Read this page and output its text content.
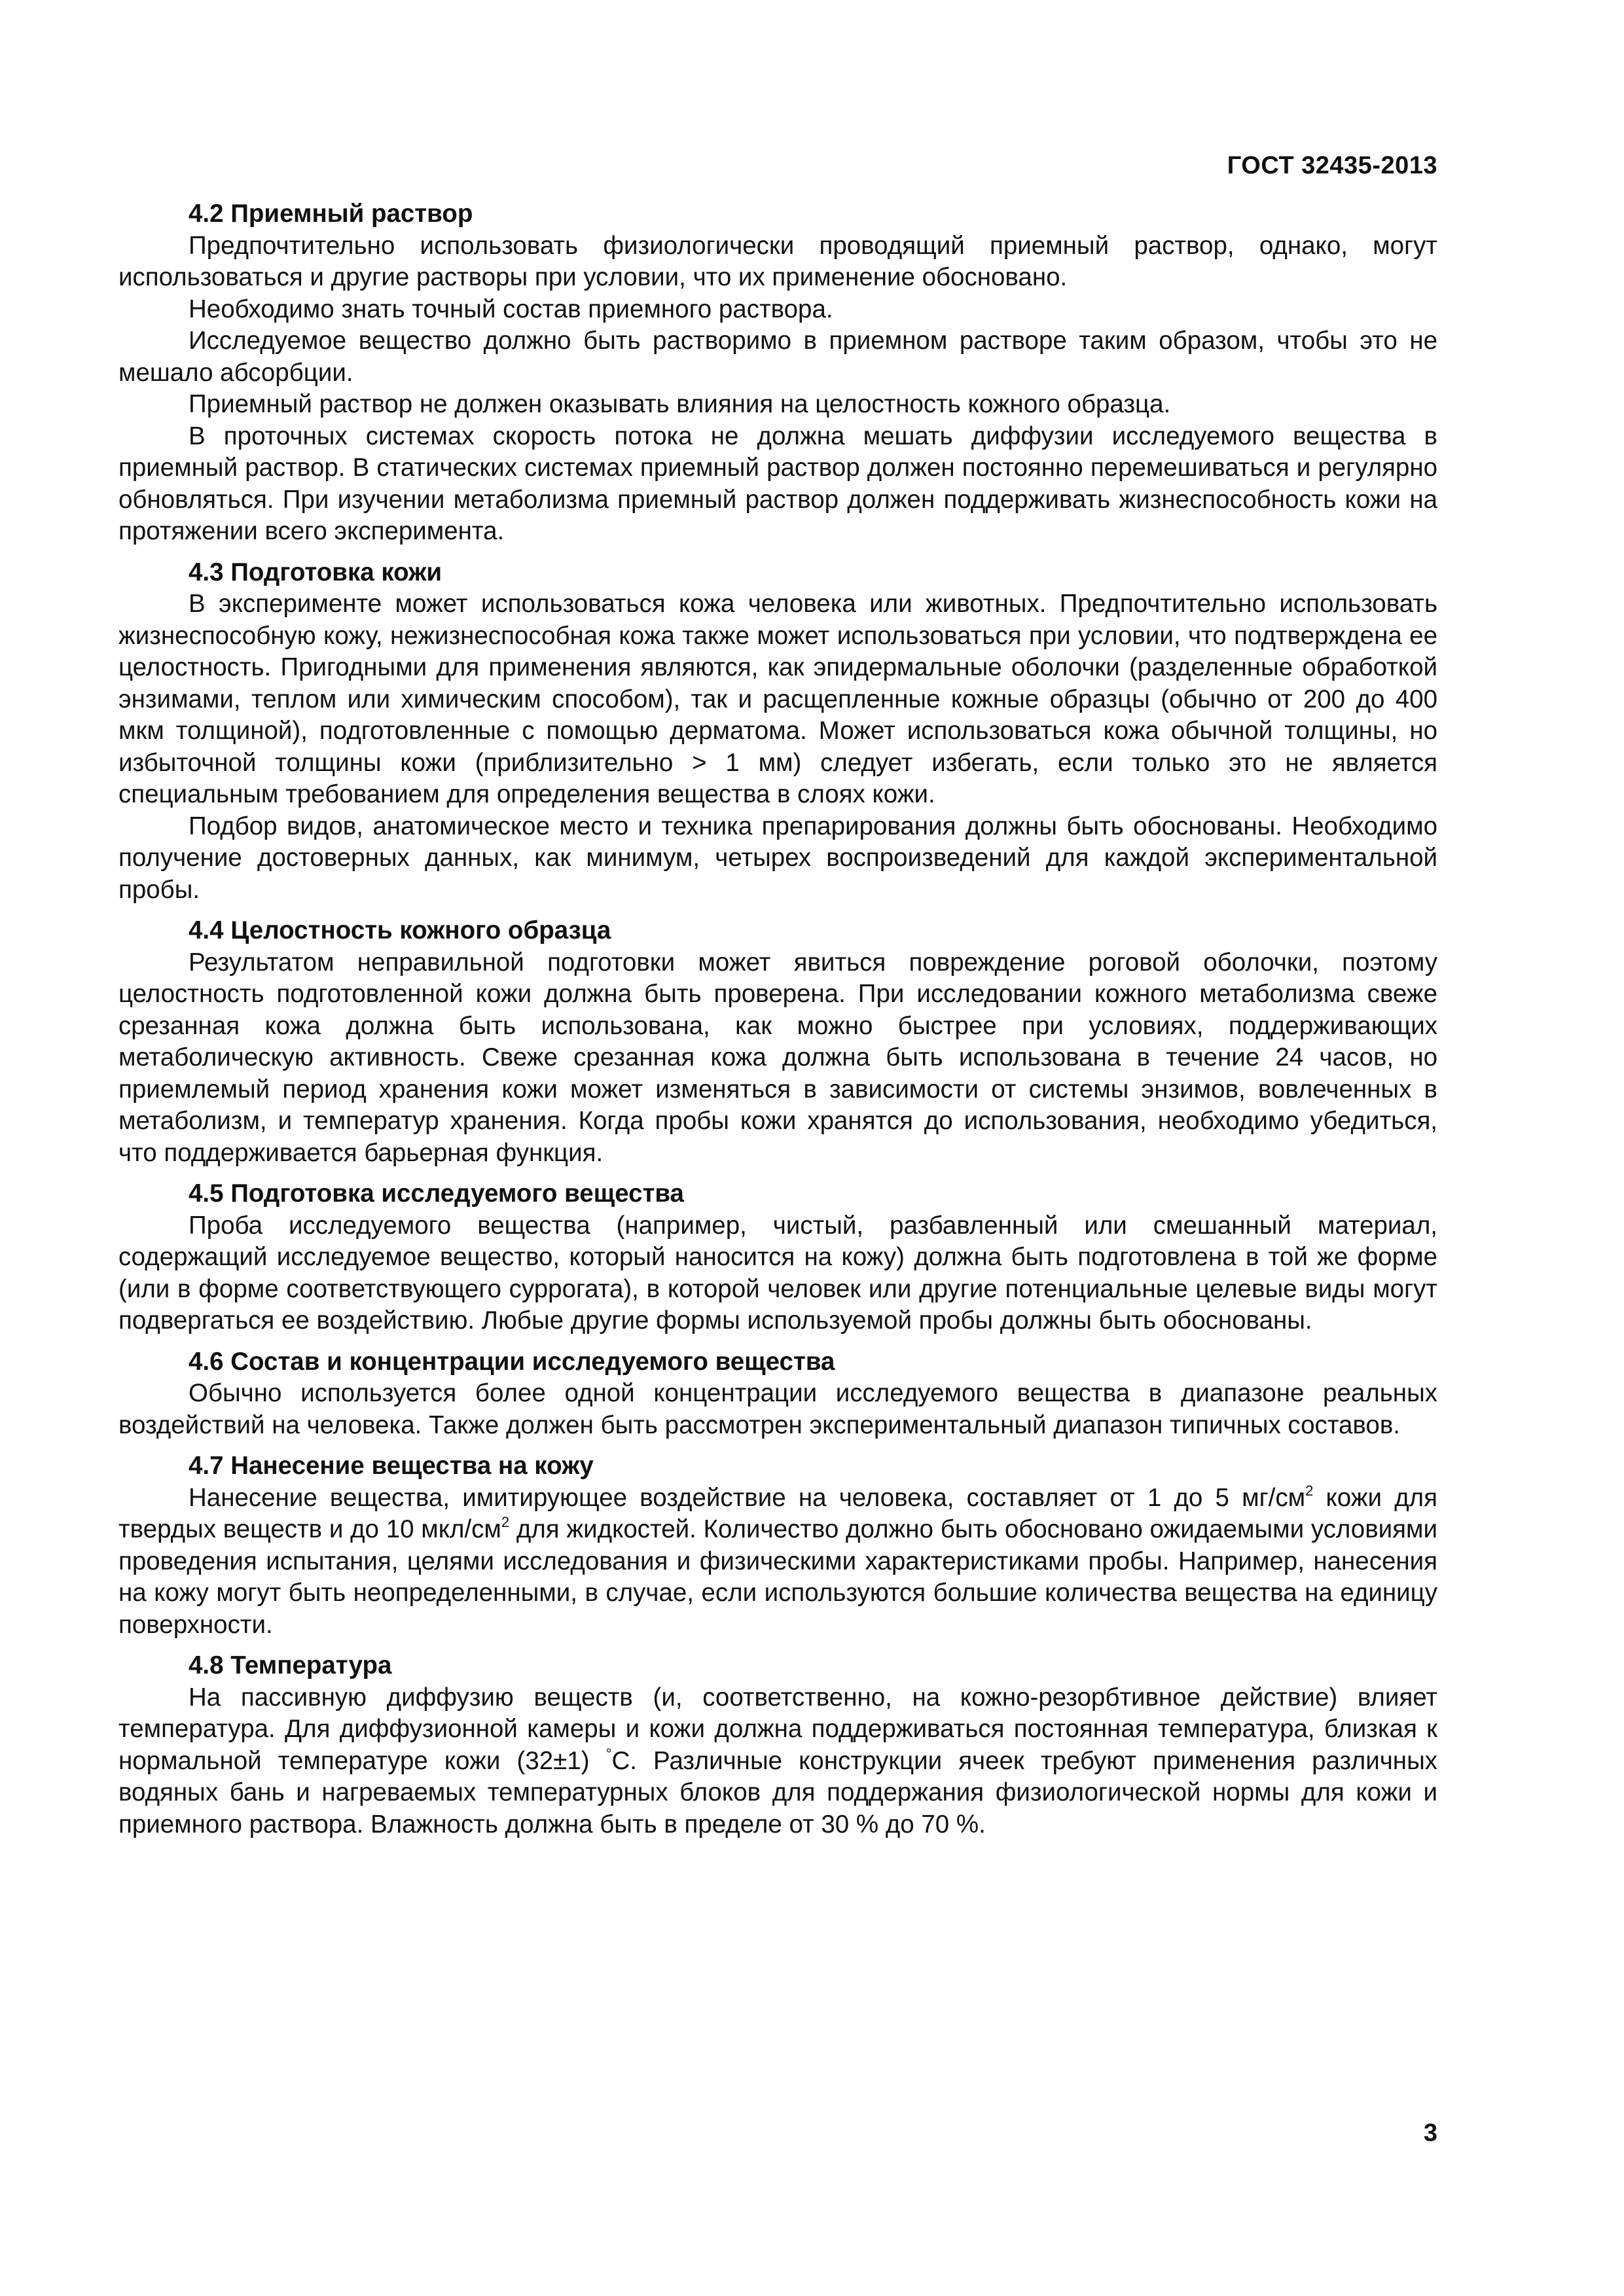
ГОСТ 32435-2013

4.2 Приемный раствор

Предпочтительно использовать физиологически проводящий приемный раствор, однако, могут использоваться и другие растворы при условии, что их применение обосновано.

Необходимо знать точный состав приемного раствора.

Исследуемое вещество должно быть растворимо в приемном растворе таким образом, чтобы это не мешало абсорбции.

Приемный раствор не должен оказывать влияния на целостность кожного образца.

В проточных системах скорость потока не должна мешать диффузии исследуемого вещества в приемный раствор. В статических системах приемный раствор должен постоянно перемешиваться и регулярно обновляться. При изучении метаболизма приемный раствор должен поддерживать жизнеспособность кожи на протяжении всего эксперимента.

4.3 Подготовка кожи

В эксперименте может использоваться кожа человека или животных. Предпочтительно использовать жизнеспособную кожу, нежизнеспособная кожа также может использоваться при условии, что подтверждена ее целостность. Пригодными для применения являются, как эпидермальные оболочки (разделенные обработкой энзимами, теплом или химическим способом), так и расщепленные кожные образцы (обычно от 200 до 400 мкм толщиной), подготовленные с помощью дерматома. Может использоваться кожа обычной толщины, но избыточной толщины кожи (приблизительно > 1 мм) следует избегать, если только это не является специальным требованием для определения вещества в слоях кожи.

Подбор видов, анатомическое место и техника препарирования должны быть обоснованы. Необходимо получение достоверных данных, как минимум, четырех воспроизведений для каждой экспериментальной пробы.

4.4 Целостность кожного образца

Результатом неправильной подготовки может явиться повреждение роговой оболочки, поэтому целостность подготовленной кожи должна быть проверена. При исследовании кожного метаболизма свеже срезанная кожа должна быть использована, как можно быстрее при условиях, поддерживающих метаболическую активность. Свеже срезанная кожа должна быть использована в течение 24 часов, но приемлемый период хранения кожи может изменяться в зависимости от системы энзимов, вовлеченных в метаболизм, и температур хранения. Когда пробы кожи хранятся до использования, необходимо убедиться, что поддерживается барьерная функция.

4.5 Подготовка исследуемого вещества

Проба исследуемого вещества (например, чистый, разбавленный или смешанный материал, содержащий исследуемое вещество, который наносится на кожу) должна быть подготовлена в той же форме (или в форме соответствующего суррогата), в которой человек или другие потенциальные целевые виды могут подвергаться ее воздействию. Любые другие формы используемой пробы должны быть обоснованы.

4.6 Состав и концентрации исследуемого вещества

Обычно используется более одной концентрации исследуемого вещества в диапазоне реальных воздействий на человека. Также должен быть рассмотрен экспериментальный диапазон типичных составов.

4.7 Нанесение вещества на кожу

Нанесение вещества, имитирующее воздействие на человека, составляет от 1 до 5 $мг/см^2$ кожи для твердых веществ и до 10 мкл/$см^2$ для жидкостей. Количество должно быть обосновано ожидаемыми условиями проведения испытания, целями исследования и физическими характеристиками пробы. Например, нанесения на кожу могут быть неопределенными, в случае, если используются большие количества вещества на единицу поверхности.

4.8 Температура

На пассивную диффузию веществ (и, соответственно, на кожно-резорбтивное действие) влияет температура. Для диффузионной камеры и кожи должна поддерживаться постоянная температура, близкая к нормальной температуре кожи (32±1) °С. Различные конструкции ячеек требуют применения различных водяных бань и нагреваемых температурных блоков для поддержания физиологической нормы для кожи и приемного раствора. Влажность должна быть в пределе от 30 % до 70 %.

3
